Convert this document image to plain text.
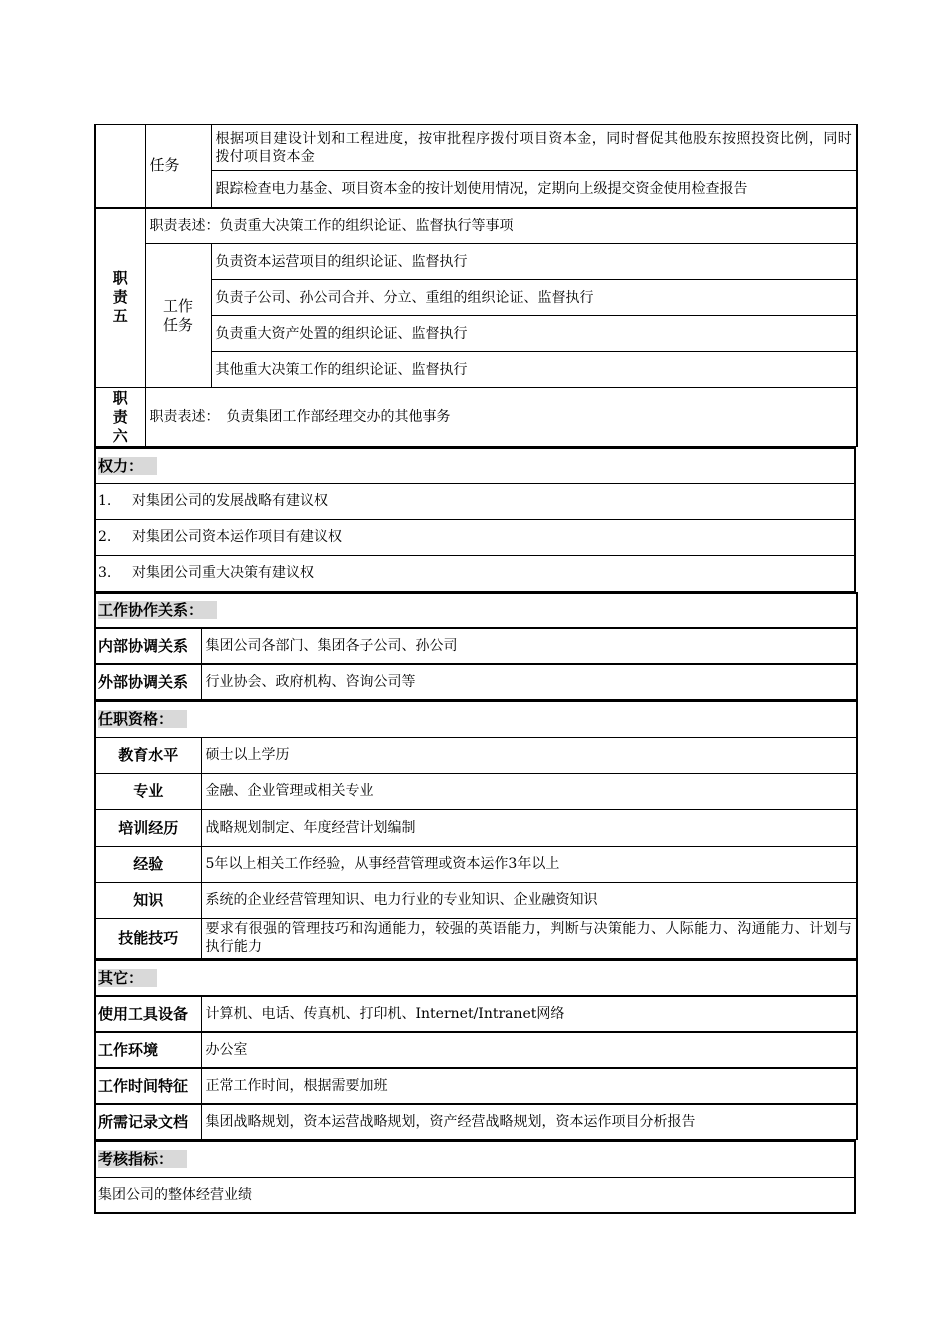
	任务	根据项目建设计划和工程进度，按审批程序拨付项目资本金，同时督促其他股东按照投资比例，同时拨付项目资本金
		跟踪检查电力基金、项目资本金的按计划使用情况，定期向上级提交资金使用检查报告
职责五	职责表述：负责重大决策工作的组织论证、监督执行等事项	
	工作任务	负责资本运营项目的组织论证、监督执行
		负责子公司、孙公司合并、分立、重组的组织论证、监督执行
		负责重大资产处置的组织论证、监督执行
		其他重大决策工作的组织论证、监督执行
职责六	职责表述：　负责集团工作部经理交办的其他事务	
权力：
1. 对集团公司的发展战略有建议权
2. 对集团公司资本运作项目有建议权
3. 对集团公司重大决策有建议权
工作协作关系：	
内部协调关系	集团公司各部门、集团各子公司、孙公司
外部协调关系	行业协会、政府机构、咨询公司等
任职资格：	
教育水平	硕士以上学历
专业	金融、企业管理或相关专业
培训经历	战略规划制定、年度经营计划编制
经验	5年以上相关工作经验，从事经营管理或资本运作3年以上
知识	系统的企业经营管理知识、电力行业的专业知识、企业融资知识
技能技巧	要求有很强的管理技巧和沟通能力，较强的英语能力，判断与决策能力、人际能力、沟通能力、计划与执行能力
其它：	
使用工具设备	计算机、电话、传真机、打印机、Internet/Intranet网络
工作环境	办公室
工作时间特征	正常工作时间，根据需要加班
所需记录文档	集团战略规划，资本运营战略规划，资产经营战略规划，资本运作项目分析报告
考核指标：
集团公司的整体经营业绩
